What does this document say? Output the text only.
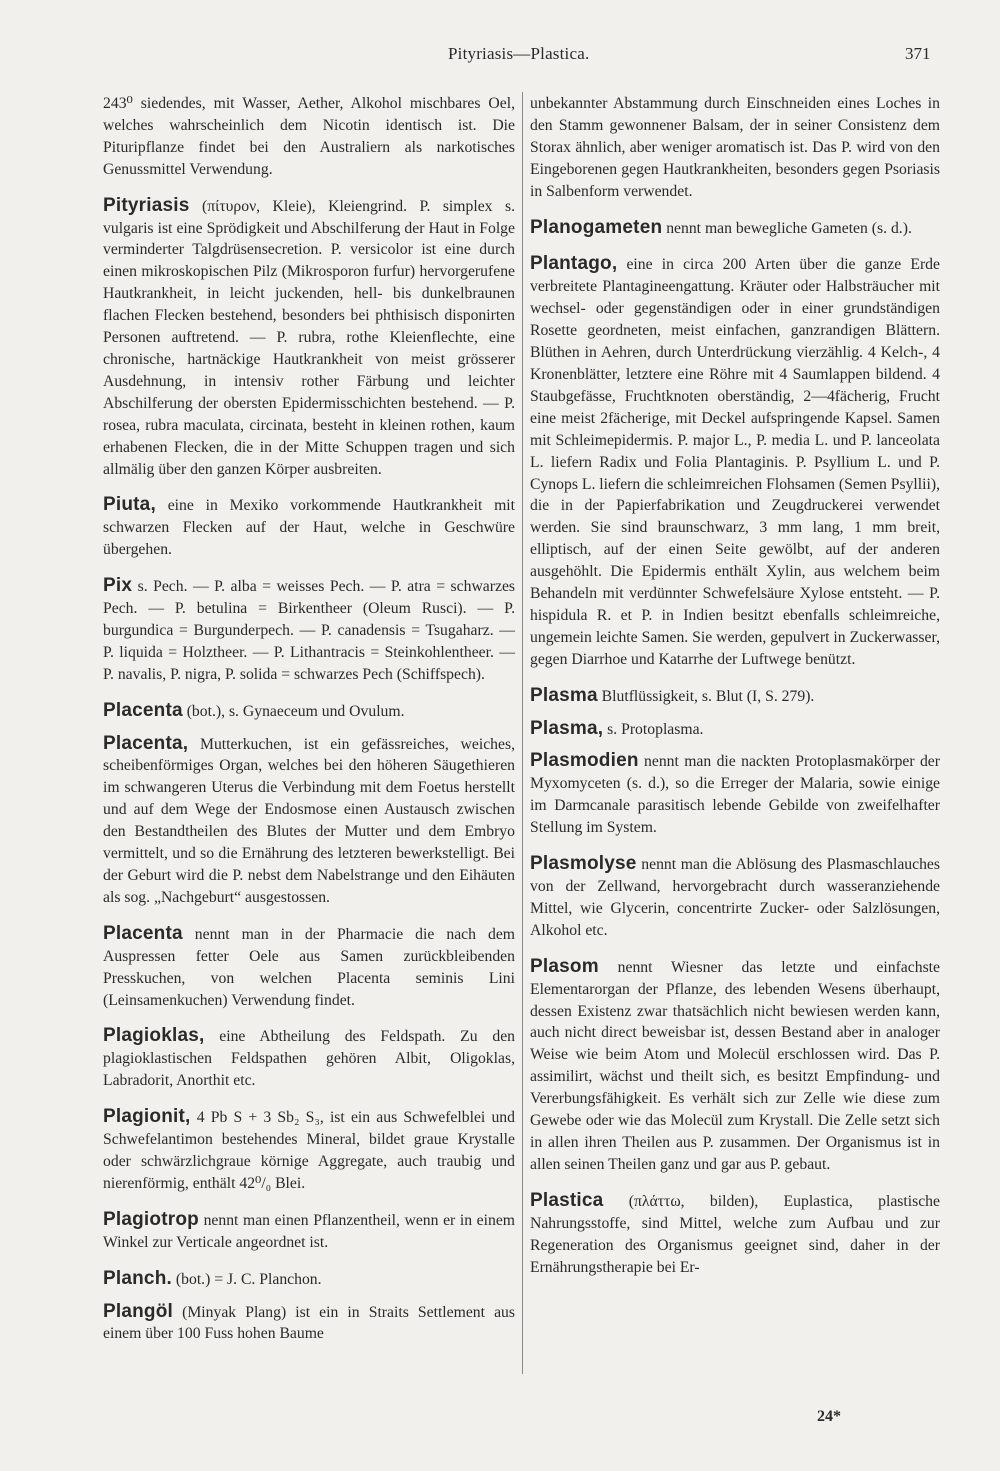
Pityriasis—Plastica.	371

243⁰ siedendes, mit Wasser, Aether, Alkohol mischbares Oel, welches wahrscheinlich dem Nicotin identisch ist. Die Pituripflanze findet bei den Australiern als narkotisches Genussmittel Verwendung.

Pityriasis (πίτυρον, Kleie), Kleiengrind. P. simplex s. vulgaris ist eine Sprödigkeit und Abschilferung der Haut in Folge verminderter Talgdrüsensecretion. P. versicolor ist eine durch einen mikroskopischen Pilz (Mikrosporon furfur) hervorgerufene Hautkrankheit, in leicht juckenden, hell- bis dunkelbraunen flachen Flecken bestehend, besonders bei phthisisch disponirten Personen auftretend. — P. rubra, rothe Kleienflechte, eine chronische, hartnäckige Hautkrankheit von meist grösserer Ausdehnung, in intensiv rother Färbung und leichter Abschilferung der obersten Epidermisschichten bestehend. — P. rosea, rubra maculata, circinata, besteht in kleinen rothen, kaum erhabenen Flecken, die in der Mitte Schuppen tragen und sich allmälig über den ganzen Körper ausbreiten.

Piuta, eine in Mexiko vorkommende Hautkrankheit mit schwarzen Flecken auf der Haut, welche in Geschwüre übergehen.

Pix s. Pech. — P. alba = weisses Pech. — P. atra = schwarzes Pech. — P. betulina = Birkentheer (Oleum Rusci). — P. burgundica = Burgunderpech. — P. canadensis = Tsugaharz. — P. liquida = Holztheer. — P. Lithantracis = Steinkohlentheer. — P. navalis, P. nigra, P. solida = schwarzes Pech (Schiffspech).

Placenta (bot.), s. Gynaeceum und Ovulum.

Placenta, Mutterkuchen, ist ein gefässreiches, weiches, scheibenförmiges Organ, welches bei den höheren Säugethieren im schwangeren Uterus die Verbindung mit dem Foetus herstellt und auf dem Wege der Endosmose einen Austausch zwischen den Bestandtheilen des Blutes der Mutter und dem Embryo vermittelt, und so die Ernährung des letzteren bewerkstelligt. Bei der Geburt wird die P. nebst dem Nabelstrange und den Eihäuten als sog. „Nachgeburt“ ausgestossen.

Placenta nennt man in der Pharmacie die nach dem Auspressen fetter Oele aus Samen zurückbleibenden Presskuchen, von welchen Placenta seminis Lini (Leinsamenkuchen) Verwendung findet.

Plagioklas, eine Abtheilung des Feldspath. Zu den plagioklastischen Feldspathen gehören Albit, Oligoklas, Labradorit, Anorthit etc.

Plagionit, 4 Pb S + 3 Sb₂ S₃, ist ein aus Schwefelblei und Schwefelantimon bestehendes Mineral, bildet graue Krystalle oder schwärzlichgraue körnige Aggregate, auch traubig und nierenförmig, enthält 42⁰/₀ Blei.

Plagiotrop nennt man einen Pflanzentheil, wenn er in einem Winkel zur Verticale angeordnet ist.

Planch. (bot.) = J. C. Planchon.

Plangöl (Minyak Plang) ist ein in Straits Settlement aus einem über 100 Fuss hohen Baume

unbekannter Abstammung durch Einschneiden eines Loches in den Stamm gewonnener Balsam, der in seiner Consistenz dem Storax ähnlich, aber weniger aromatisch ist. Das P. wird von den Eingeborenen gegen Hautkrankheiten, besonders gegen Psoriasis in Salbenform verwendet.

Planogameten nennt man bewegliche Gameten (s. d.).

Plantago, eine in circa 200 Arten über die ganze Erde verbreitete Plantagineengattung. Kräuter oder Halbsträucher mit wechsel- oder gegenständigen oder in einer grundständigen Rosette geordneten, meist einfachen, ganzrandigen Blättern. Blüthen in Aehren, durch Unterdrückung vierzählig. 4 Kelch-, 4 Kronenblätter, letztere eine Röhre mit 4 Saumlappen bildend. 4 Staubgefässe, Fruchtknoten oberständig, 2—4fächerig, Frucht eine meist 2fächerige, mit Deckel aufspringende Kapsel. Samen mit Schleimepidermis. P. major L., P. media L. und P. lanceolata L. liefern Radix und Folia Plantaginis. P. Psyllium L. und P. Cynops L. liefern die schleimreichen Flohsamen (Semen Psyllii), die in der Papierfabrikation und Zeugdruckerei verwendet werden. Sie sind braunschwarz, 3 mm lang, 1 mm breit, elliptisch, auf der einen Seite gewölbt, auf der anderen ausgehöhlt. Die Epidermis enthält Xylin, aus welchem beim Behandeln mit verdünnter Schwefelsäure Xylose entsteht. — P. hispidula R. et P. in Indien besitzt ebenfalls schleimreiche, ungemein leichte Samen. Sie werden, gepulvert in Zuckerwasser, gegen Diarrhoe und Katarrhe der Luftwege benützt.

Plasma Blutflüssigkeit, s. Blut (I, S. 279).

Plasma, s. Protoplasma.

Plasmodien nennt man die nackten Protoplasmakörper der Myxomyceten (s. d.), so die Erreger der Malaria, sowie einige im Darmcanale parasitisch lebende Gebilde von zweifelhafter Stellung im System.

Plasmolyse nennt man die Ablösung des Plasmaschlauches von der Zellwand, hervorgebracht durch wasseranziehende Mittel, wie Glycerin, concentrirte Zucker- oder Salzlösungen, Alkohol etc.

Plasom nennt Wiesner das letzte und einfachste Elementarorgan der Pflanze, des lebenden Wesens überhaupt, dessen Existenz zwar thatsächlich nicht bewiesen werden kann, auch nicht direct beweisbar ist, dessen Bestand aber in analoger Weise wie beim Atom und Molecül erschlossen wird. Das P. assimilirt, wächst und theilt sich, es besitzt Empfindung- und Vererbungsfähigkeit. Es verhält sich zur Zelle wie diese zum Gewebe oder wie das Molecül zum Krystall. Die Zelle setzt sich in allen ihren Theilen aus P. zusammen. Der Organismus ist in allen seinen Theilen ganz und gar aus P. gebaut.

Plastica (πλάττω, bilden), Euplastica, plastische Nahrungsstoffe, sind Mittel, welche zum Aufbau und zur Regeneration des Organismus geeignet sind, daher in der Ernährungstherapie bei Er-

24*
